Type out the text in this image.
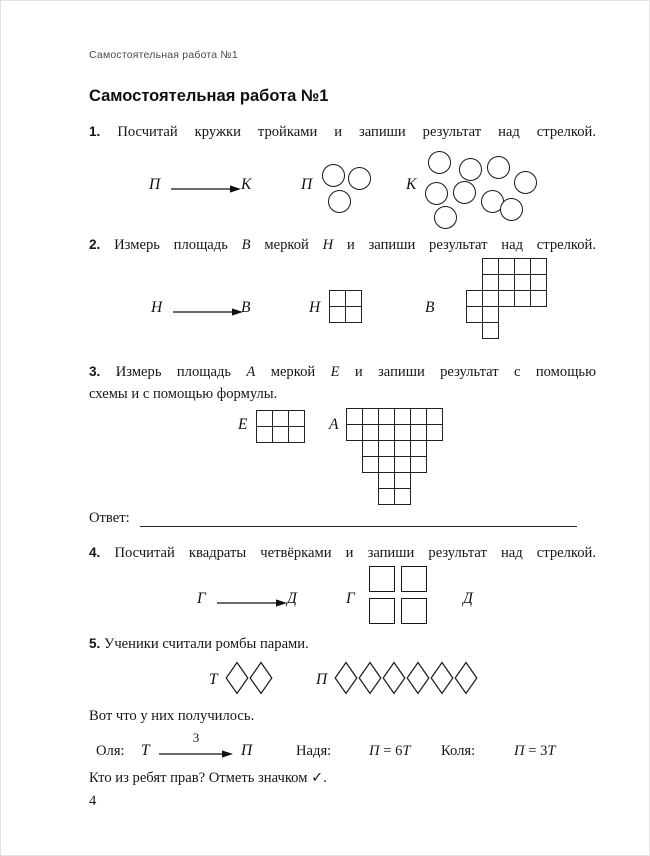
Самостоятельная работа №1
Самостоятельная работа №1

1. Посчитай кружки тройками и запиши результат над стрелкой.

П	К	П	К

2. Измерь площадь В меркой Н и запиши результат над стрелкой.

Н	В	Н	В

3. Измерь площадь А меркой Е и запиши результат с помощью

схемы и с помощью формулы.

Е	А
Ответ:

4. Посчитай квадраты четвёрками и запиши результат над стрелкой.

Г	Д	Г	Д

5. Ученики считали ромбы парами.

Т	П

Вот что у них получилось.

Оля: Т
3
П	Надя:	П = 6Т Коля:	П = 3Т

Кто из ребят прав? Отметь значком ✓.

4
